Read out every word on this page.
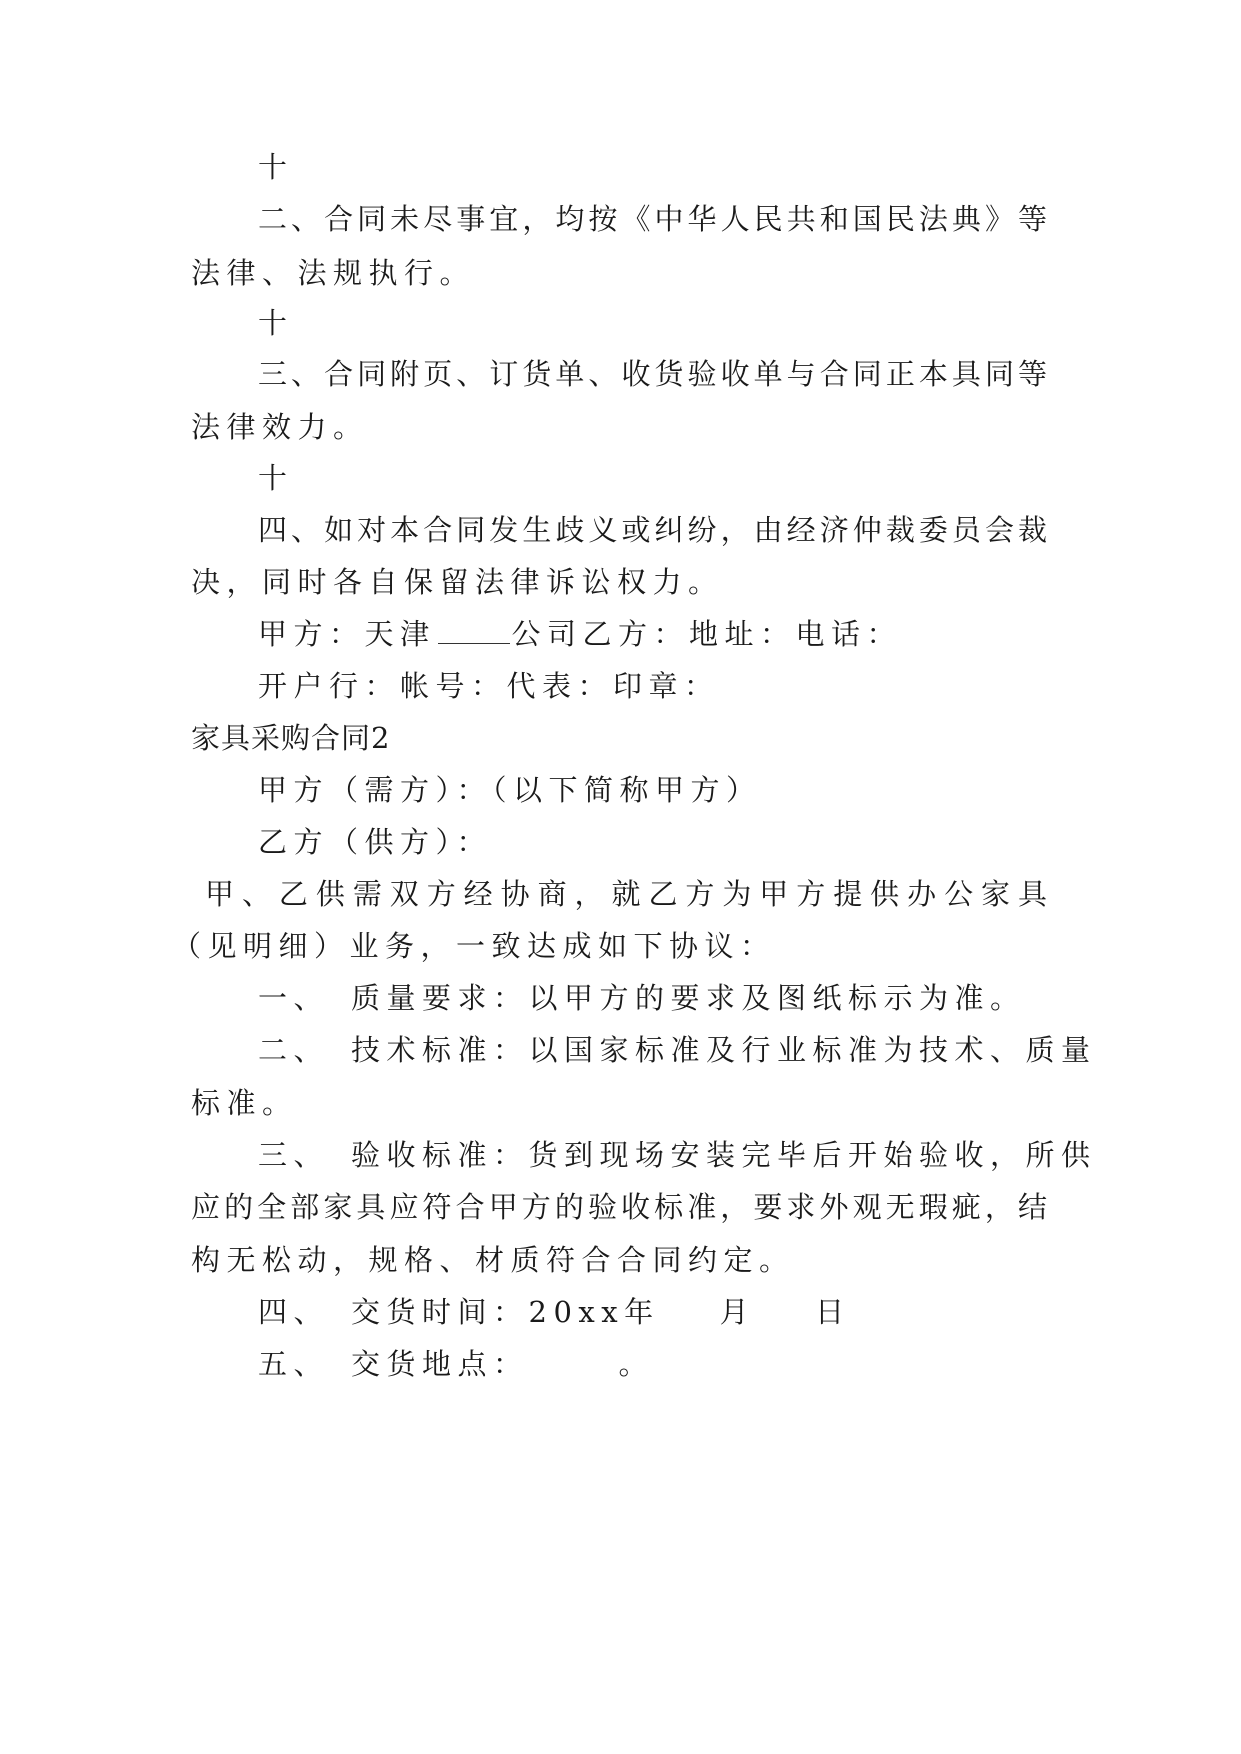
十
二、合同未尽事宜，均按《中华人民共和国民法典》等
法律、法规执行。
十
三、合同附页、订货单、收货验收单与合同正本具同等
法律效力。
十
四、如对本合同发生歧义或纠纷，由经济仲裁委员会裁
决，同时各自保留法律诉讼权力。
甲方：天津	公司乙方：地址：电话：
开户行：帐号：代表：印章：
家具采购合同2
甲方（需方）：（以下简称甲方）
乙方（供方）：
甲、乙供需双方经协商，就乙方为甲方提供办公家具
（见明细）业务，一致达成如下协议：
一、 质量要求：以甲方的要求及图纸标示为准。
二、 技术标准：以国家标准及行业标准为技术、质量
标准。
三、 验收标准：货到现场安装完毕后开始验收，所供
应的全部家具应符合甲方的验收标准，要求外观无瑕疵，结
构无松动，规格、材质符合合同约定。
四、 交货时间：20xx年 月 日
五、 交货地点：	。
